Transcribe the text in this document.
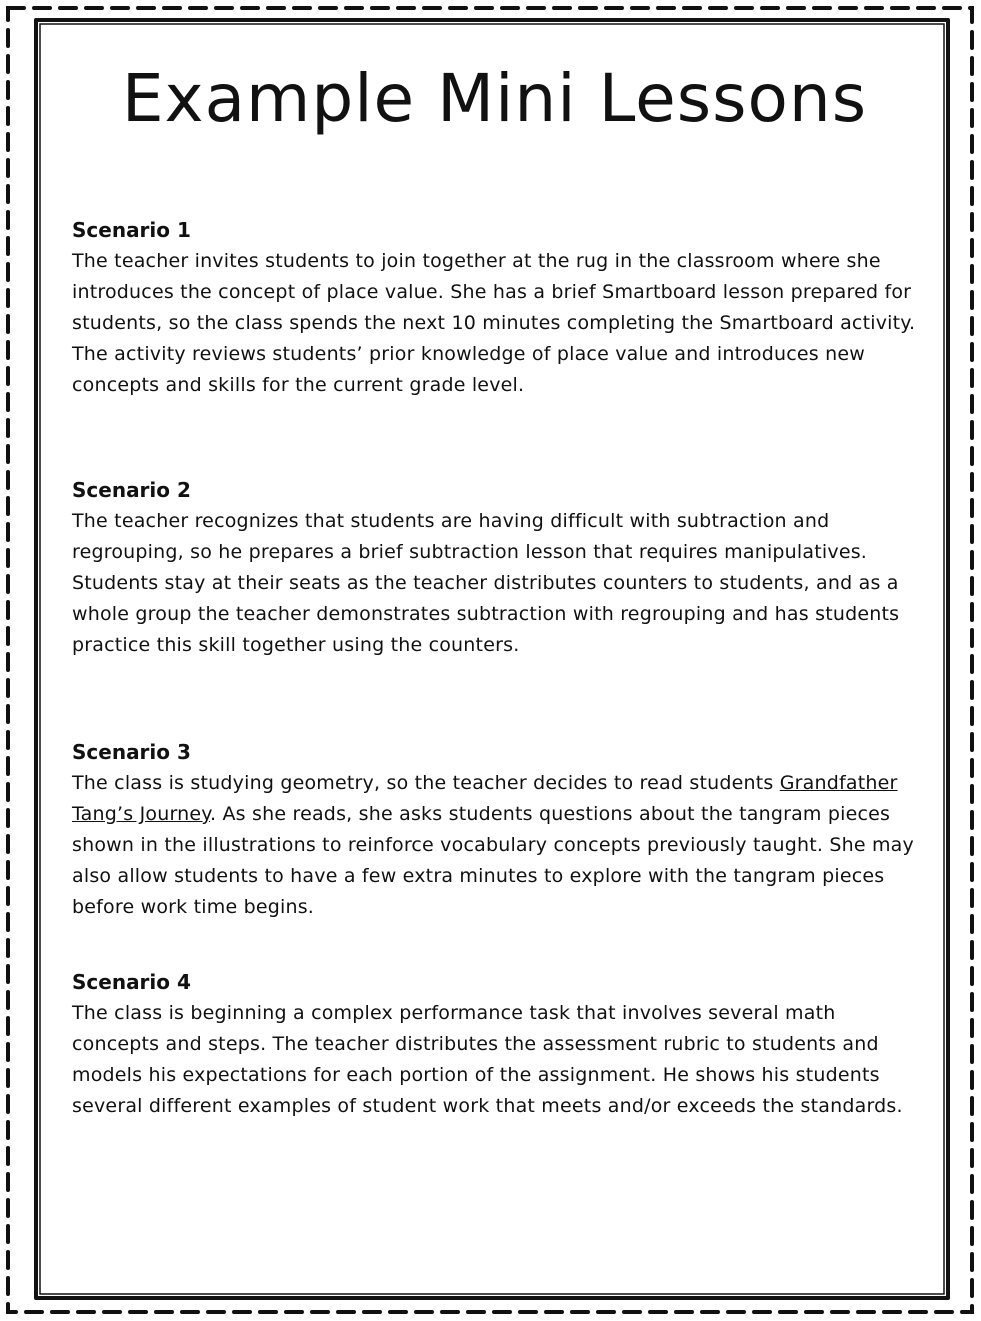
Example Mini Lessons
Scenario 1

The teacher invites students to join together at the rug in the classroom where she introduces the concept of place value. She has a brief Smartboard lesson prepared for students, so the class spends the next 10 minutes completing the Smartboard activity. The activity reviews students’ prior knowledge of place value and introduces new concepts and skills for the current grade level.

Scenario 2

The teacher recognizes that students are having difficult with subtraction and regrouping, so he prepares a brief subtraction lesson that requires manipulatives. Students stay at their seats as the teacher distributes counters to students, and as a whole group the teacher demonstrates subtraction with regrouping and has students practice this skill together using the counters.

Scenario 3

The class is studying geometry, so the teacher decides to read students Grandfather Tang’s Journey. As she reads, she asks students questions about the tangram pieces shown in the illustrations to reinforce vocabulary concepts previously taught. She may also allow students to have a few extra minutes to explore with the tangram pieces before work time begins.

Scenario 4

The class is beginning a complex performance task that involves several math concepts and steps. The teacher distributes the assessment rubric to students and models his expectations for each portion of the assignment. He shows his students several different examples of student work that meets and/or exceeds the standards.
